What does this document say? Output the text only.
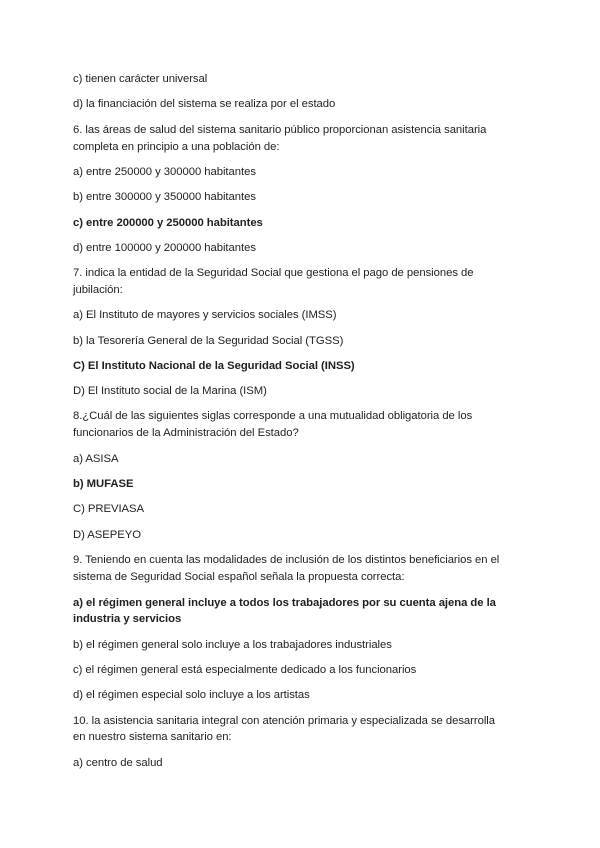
c) tienen carácter universal
d) la financiación del sistema se realiza por el estado
6. las áreas de salud del sistema sanitario público proporcionan asistencia sanitaria
completa en principio a una población de:
a) entre 250000 y 300000 habitantes
b) entre 300000 y 350000 habitantes
c) entre 200000 y 250000 habitantes
d) entre 100000 y 200000 habitantes
7. indica la entidad de la Seguridad Social que gestiona el pago de pensiones de
jubilación:
a) El Instituto de mayores y servicios sociales (IMSS)
b) la Tesorería General de la Seguridad Social (TGSS)
C) El Instituto Nacional de la Seguridad Social (INSS)
D) El Instituto social de la Marina (ISM)
8.¿Cuál de las siguientes siglas corresponde a una mutualidad obligatoria de los
funcionarios de la Administración del Estado?
a) ASISA
b) MUFASE
C) PREVIASA
D) ASEPEYO
9. Teniendo en cuenta las modalidades de inclusión de los distintos beneficiarios en el
sistema de Seguridad Social español señala la propuesta correcta:
a) el régimen general incluye a todos los trabajadores por su cuenta ajena de la
industria y servicios
b) el régimen general solo incluye a los trabajadores industriales
c) el régimen general está especialmente dedicado a los funcionarios
d) el régimen especial solo incluye a los artistas
10. la asistencia sanitaria integral con atención primaria y especializada se desarrolla
en nuestro sistema sanitario en:
a) centro de salud
